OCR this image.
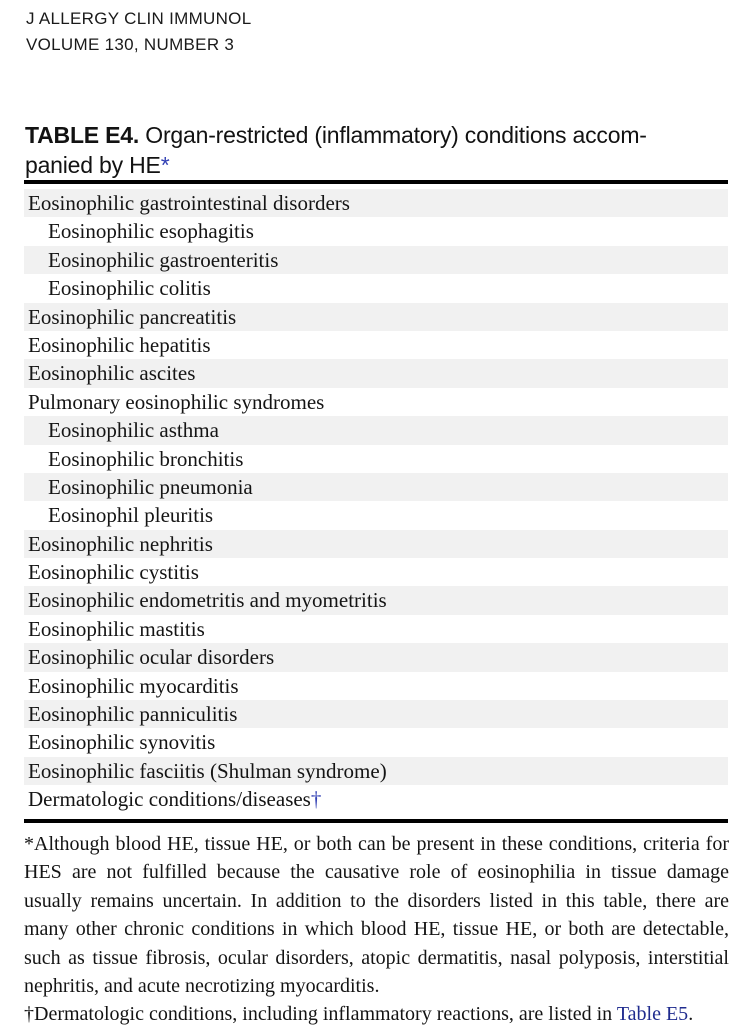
J ALLERGY CLIN IMMUNOL
VOLUME 130, NUMBER 3
TABLE E4. Organ-restricted (inflammatory) conditions accom-
panied by HE*
Eosinophilic gastrointestinal disorders
Eosinophilic esophagitis
Eosinophilic gastroenteritis
Eosinophilic colitis
Eosinophilic pancreatitis
Eosinophilic hepatitis
Eosinophilic ascites
Pulmonary eosinophilic syndromes
Eosinophilic asthma
Eosinophilic bronchitis
Eosinophilic pneumonia
Eosinophil pleuritis
Eosinophilic nephritis
Eosinophilic cystitis
Eosinophilic endometritis and myometritis
Eosinophilic mastitis
Eosinophilic ocular disorders
Eosinophilic myocarditis
Eosinophilic panniculitis
Eosinophilic synovitis
Eosinophilic fasciitis (Shulman syndrome)
Dermatologic conditions/diseases†
*Although blood HE, tissue HE, or both can be present in these conditions, criteria for
HES are not fulfilled because the causative role of eosinophilia in tissue damage
usually remains uncertain. In addition to the disorders listed in this table, there are
many other chronic conditions in which blood HE, tissue HE, or both are detectable,
such as tissue fibrosis, ocular disorders, atopic dermatitis, nasal polyposis, interstitial
nephritis, and acute necrotizing myocarditis.
†Dermatologic conditions, including inflammatory reactions, are listed in Table E5.
